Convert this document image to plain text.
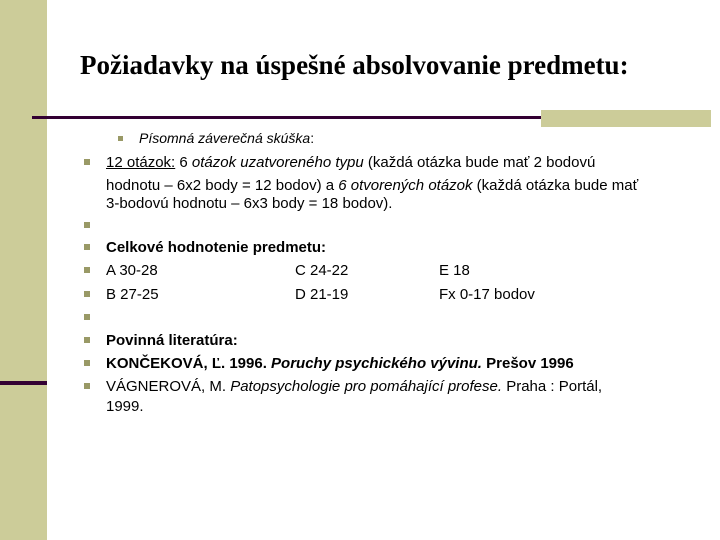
Požiadavky na úspešné absolvovanie predmetu:
Písomná záverečná skúška:
12 otázok: 6 otázok uzatvoreného typu (každá otázka bude mať 2 bodovú
hodnotu – 6x2 body = 12 bodov) a 6 otvorených otázok (každá otázka bude mať
3-bodovú hodnotu – 6x3 body = 18 bodov).
Celkové hodnotenie predmetu:
A 30-28	C 24-22	E 18
B 27-25	D 21-19	Fx 0-17 bodov
Povinná literatúra:
KONČEKOVÁ, Ľ. 1996. Poruchy psychického vývinu. Prešov 1996
VÁGNEROVÁ, M. Patopsychologie pro pomáhající profese. Praha : Portál,
1999.
